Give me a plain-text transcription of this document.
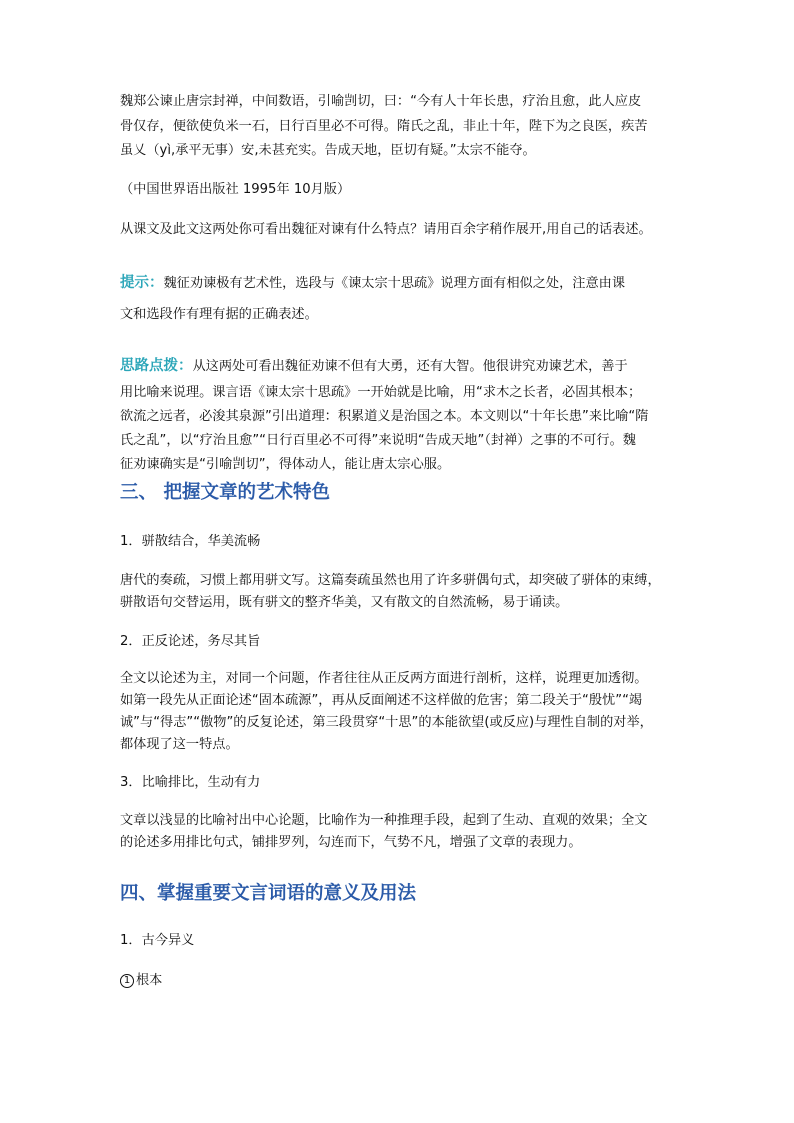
魏郑公谏止唐宗封禅，中间数语，引喻剀切，曰：“今有人十年长患，疗治且愈，此人应皮
骨仅存，便欲使负米一石，日行百里必不可得。隋氏之乱，非止十年，陛下为之良医，疾苦
虽乂（yì,承平无事）安,未甚充实。告成天地，臣切有疑。”太宗不能夺。
（中国世界语出版社 1995年 10月版）
从课文及此文这两处你可看出魏征对谏有什么特点？请用百余字稍作展开,用自己的话表述。
提示：魏征劝谏极有艺术性，选段与《谏太宗十思疏》说理方面有相似之处，注意由课
文和选段作有理有据的正确表述。
思路点拨：从这两处可看出魏征劝谏不但有大勇，还有大智。他很讲究劝谏艺术，善于
用比喻来说理。课言语《谏太宗十思疏》一开始就是比喻，用“求木之长者，必固其根本；
欲流之远者，必浚其泉源”引出道理：积累道义是治国之本。本文则以“十年长患”来比喻“隋
氏之乱”，以“疗治且愈”“日行百里必不可得”来说明“告成天地”（封禅）之事的不可行。魏
征劝谏确实是“引喻剀切”，得体动人，能让唐太宗心服。
三、 把握文章的艺术特色
1．骈散结合，华美流畅
唐代的奏疏，习惯上都用骈文写。这篇奏疏虽然也用了许多骈偶句式，却突破了骈体的束缚，
骈散语句交替运用，既有骈文的整齐华美，又有散文的自然流畅，易于诵读。
2．正反论述，务尽其旨
全文以论述为主，对同一个问题，作者往往从正反两方面进行剖析，这样，说理更加透彻。
如第一段先从正面论述“固本疏源”，再从反面阐述不这样做的危害；第二段关于“殷忧”“竭
诚”与“得志”“傲物”的反复论述，第三段贯穿“十思”的本能欲望(或反应)与理性自制的对举，
都体现了这一特点。
3．比喻排比，生动有力
文章以浅显的比喻衬出中心论题，比喻作为一种推理手段，起到了生动、直观的效果；全文
的论述多用排比句式，铺排罗列，勾连而下，气势不凡，增强了文章的表现力。
四、掌握重要文言词语的意义及用法
1．古今异义
1 根本
